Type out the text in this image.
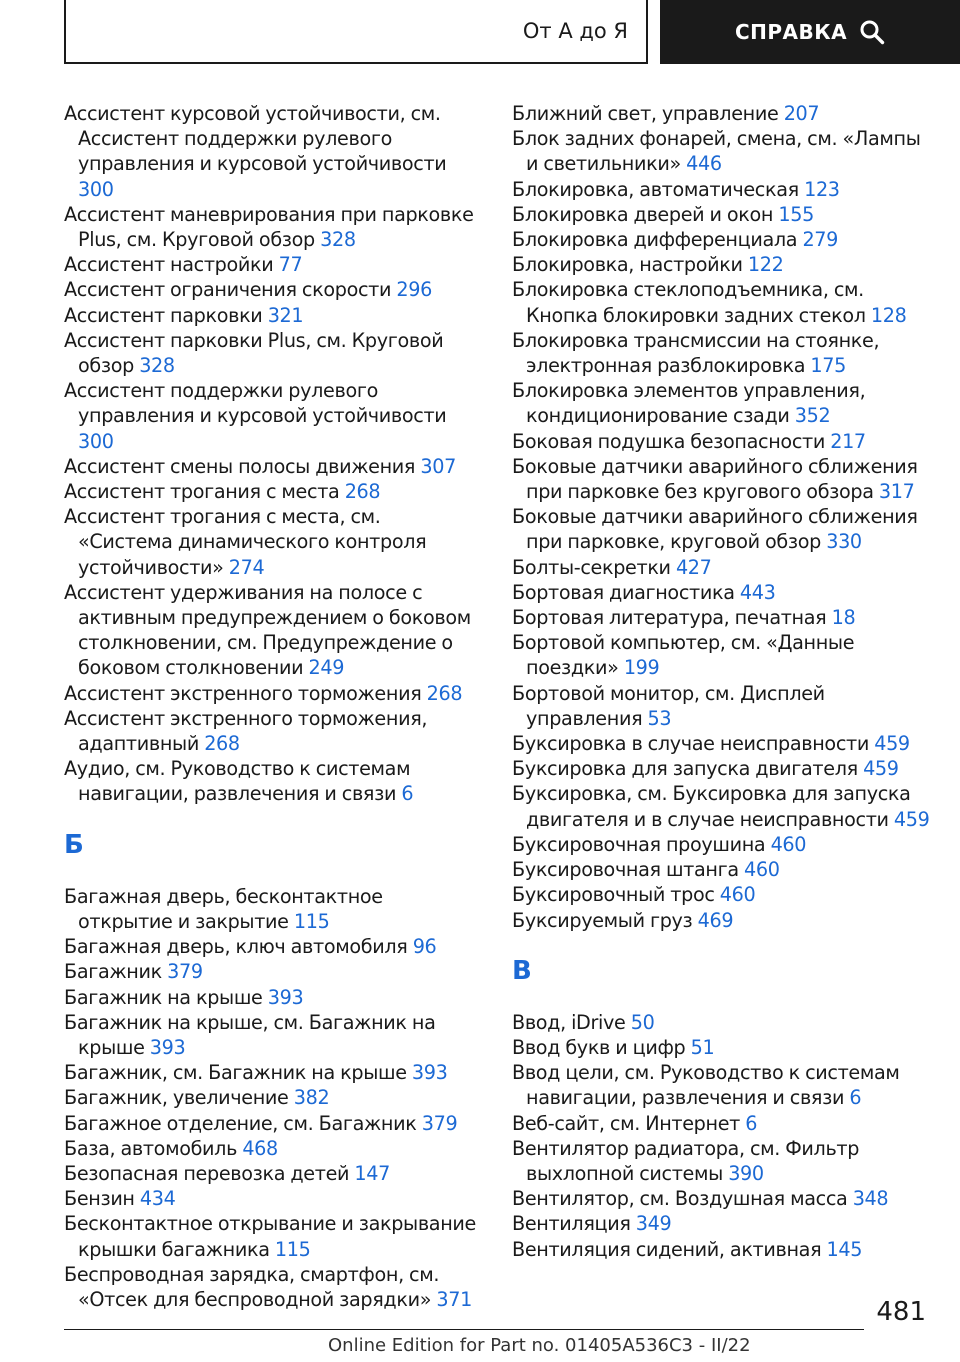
От А до Я	СПРАВКА
Ассистент курсовой устойчивости, см. Ассистент поддержки рулевого управления и курсовой устойчивости 300
Ассистент маневрирования при парковке Plus, см. Круговой обзор 328
Ассистент настройки 77
Ассистент ограничения скорости 296
Ассистент парковки 321
Ассистент парковки Plus, см. Круговой обзор 328
Ассистент поддержки рулевого управления и курсовой устойчивости 300
Ассистент смены полосы движения 307
Ассистент трогания с места 268
Ассистент трогания с места, см. «Система динамического контроля устойчивости» 274
Ассистент удерживания на полосе с активным предупреждением о боковом столкновении, см. Предупреждение о боковом столкновении 249
Ассистент экстренного торможения 268
Ассистент экстренного торможения, адаптивный 268
Аудио, см. Руководство к системам навигации, развлечения и связи 6
Б
Багажная дверь, бесконтактное открытие и закрытие 115
Багажная дверь, ключ автомобиля 96
Багажник 379
Багажник на крыше 393
Багажник на крыше, см. Багажник на крыше 393
Багажник, см. Багажник на крыше 393
Багажник, увеличение 382
Багажное отделение, см. Багажник 379
База, автомобиль 468
Безопасная перевозка детей 147
Бензин 434
Бесконтактное открывание и закрывание крышки багажника 115
Беспроводная зарядка, смартфон, см. «Отсек для беспроводной зарядки» 371
Ближний свет, управление 207
Блок задних фонарей, смена, см. «Лампы и светильники» 446
Блокировка, автоматическая 123
Блокировка дверей и окон 155
Блокировка дифференциала 279
Блокировка, настройки 122
Блокировка стеклоподъемника, см. Кнопка блокировки задних стекол 128
Блокировка трансмиссии на стоянке, электронная разблокировка 175
Блокировка элементов управления, кондиционирование сзади 352
Боковая подушка безопасности 217
Боковые датчики аварийного сближения при парковке без кругового обзора 317
Боковые датчики аварийного сближения при парковке, круговой обзор 330
Болты-секретки 427
Бортовая диагностика 443
Бортовая литература, печатная 18
Бортовой компьютер, см. «Данные поездки» 199
Бортовой монитор, см. Дисплей управления 53
Буксировка в случае неисправности 459
Буксировка для запуска двигателя 459
Буксировка, см. Буксировка для запуска двигателя и в случае неисправности 459
Буксировочная проушина 460
Буксировочная штанга 460
Буксировочный трос 460
Буксируемый груз 469
В
Ввод, iDrive 50
Ввод букв и цифр 51
Ввод цели, см. Руководство к системам навигации, развлечения и связи 6
Веб-сайт, см. Интернет 6
Вентилятор радиатора, см. Фильтр выхлопной системы 390
Вентилятор, см. Воздушная масса 348
Вентиляция 349
Вентиляция сидений, активная 145
481
Online Edition for Part no. 01405A536C3 - II/22
